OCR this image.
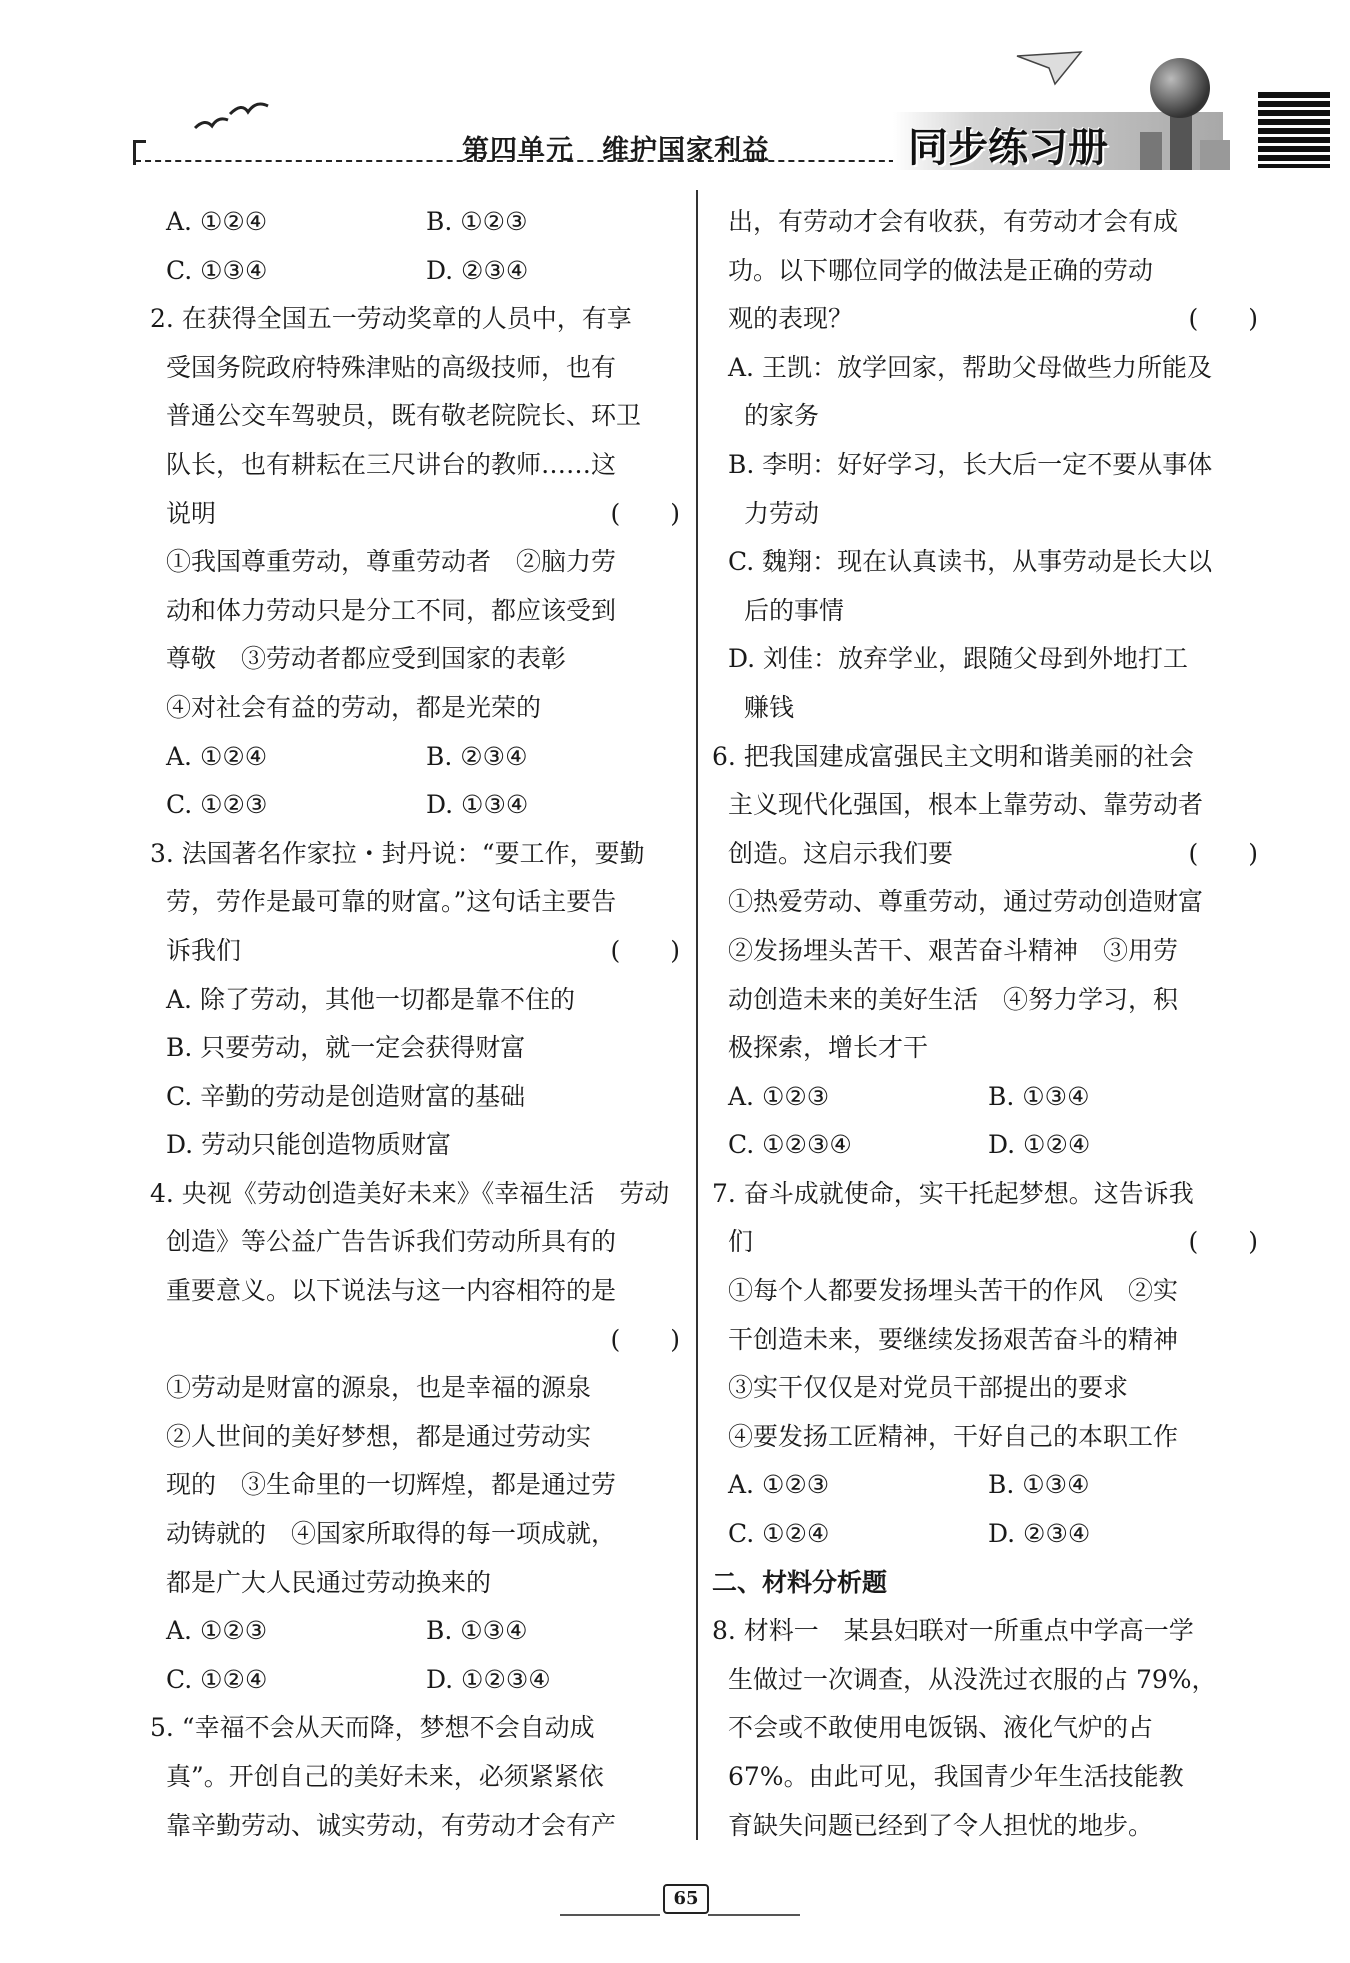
第四单元　维护国家利益	同步练习册
A. ①②④	B. ①②③
C. ①③④	D. ②③④
2. 在获得全国五一劳动奖章的人员中，有享
受国务院政府特殊津贴的高级技师，也有
普通公交车驾驶员，既有敬老院院长、环卫
队长，也有耕耘在三尺讲台的教师……这
说明	(　　)
①我国尊重劳动，尊重劳动者　②脑力劳
动和体力劳动只是分工不同，都应该受到
尊敬　③劳动者都应受到国家的表彰
④对社会有益的劳动，都是光荣的
A. ①②④	B. ②③④
C. ①②③	D. ①③④
3. 法国著名作家拉・封丹说：“要工作，要勤
劳，劳作是最可靠的财富。”这句话主要告
诉我们	(　　)
A. 除了劳动，其他一切都是靠不住的
B. 只要劳动，就一定会获得财富
C. 辛勤的劳动是创造财富的基础
D. 劳动只能创造物质财富
4. 央视《劳动创造美好未来》《幸福生活　劳动
创造》等公益广告告诉我们劳动所具有的
重要意义。以下说法与这一内容相符的是
(　　)
①劳动是财富的源泉，也是幸福的源泉
②人世间的美好梦想，都是通过劳动实
现的　③生命里的一切辉煌，都是通过劳
动铸就的　④国家所取得的每一项成就，
都是广大人民通过劳动换来的
A. ①②③	B. ①③④
C. ①②④	D. ①②③④
5. “幸福不会从天而降，梦想不会自动成
真”。开创自己的美好未来，必须紧紧依
靠辛勤劳动、诚实劳动，有劳动才会有产
出，有劳动才会有收获，有劳动才会有成
功。以下哪位同学的做法是正确的劳动
观的表现？	(　　)
A. 王凯：放学回家，帮助父母做些力所能及
的家务
B. 李明：好好学习，长大后一定不要从事体
力劳动
C. 魏翔：现在认真读书，从事劳动是长大以
后的事情
D. 刘佳：放弃学业，跟随父母到外地打工
赚钱
6. 把我国建成富强民主文明和谐美丽的社会
主义现代化强国，根本上靠劳动、靠劳动者
创造。这启示我们要	(　　)
①热爱劳动、尊重劳动，通过劳动创造财富
②发扬埋头苦干、艰苦奋斗精神　③用劳
动创造未来的美好生活　④努力学习，积
极探索，增长才干
A. ①②③	B. ①③④
C. ①②③④	D. ①②④
7. 奋斗成就使命，实干托起梦想。这告诉我
们	(　　)
①每个人都要发扬埋头苦干的作风　②实
干创造未来，要继续发扬艰苦奋斗的精神
③实干仅仅是对党员干部提出的要求
④要发扬工匠精神，干好自己的本职工作
A. ①②③	B. ①③④
C. ①②④	D. ②③④
二、材料分析题
8. 材料一　某县妇联对一所重点中学高一学
生做过一次调查，从没洗过衣服的占 79%，
不会或不敢使用电饭锅、液化气炉的占
67%。由此可见，我国青少年生活技能教
育缺失问题已经到了令人担忧的地步。
65
